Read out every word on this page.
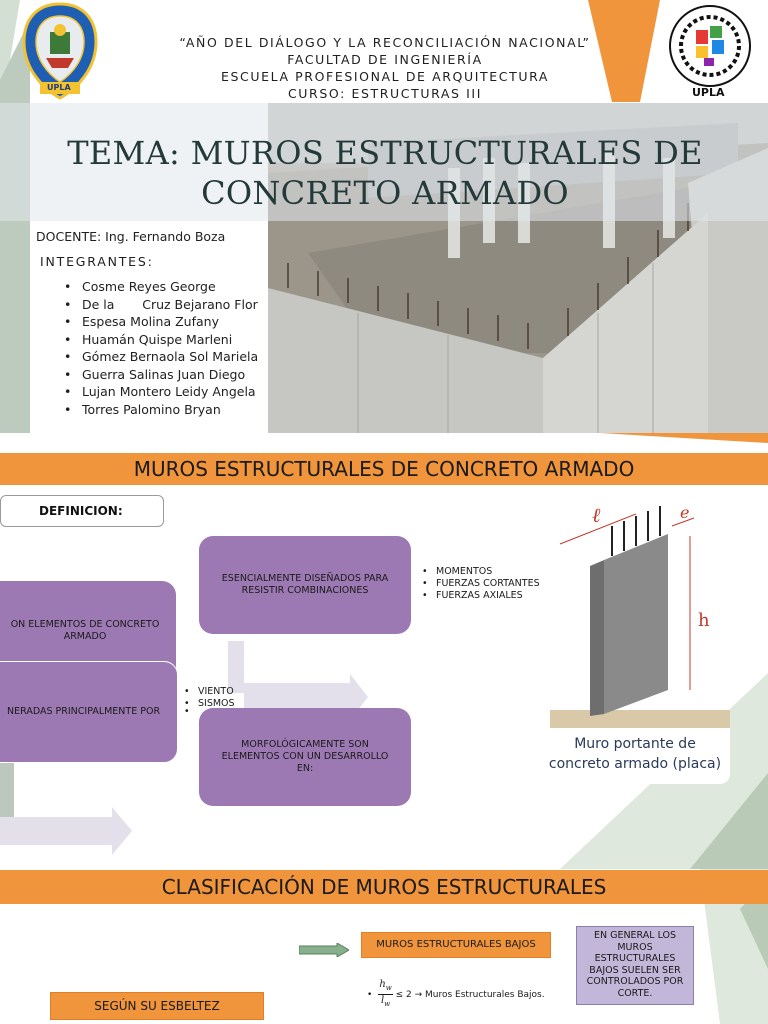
TEMA: MUROS ESTRUCTURALES DE
CONCRETO ARMADO
“AÑO DEL DIÁLOGO Y LA RECONCILIACIÓN NACIONAL”
FACULTAD DE INGENIERÍA
ESCUELA PROFESIONAL DE ARQUITECTURA
CURSO: ESTRUCTURAS III
UPLA	UPLA
DOCENTE: Ing. Fernando Boza
INTEGRANTES:
• Cosme Reyes George
• De la       Cruz Bejarano Flor
• Espesa Molina Zufany
• Huamán Quispe Marleni
• Gómez Bernaola Sol Mariela
• Guerra Salinas Juan Diego
• Lujan Montero Leidy Angela
• Torres Palomino Bryan
MUROS ESTRUCTURALES DE CONCRETO ARMADO
DEFINICION:
ESENCIALMENTE DISEÑADOS PARA RESISTIR COMBINACIONES
• MOMENTOS
• FUERZAS CORTANTES
• FUERZAS AXIALES
ON ELEMENTOS DE CONCRETO ARMADO
NERADAS PRINCIPALMENTE POR
• VIENTO
• SISMOS
•
MORFOLÓGICAMENTE SON ELEMENTOS CON UN DESARROLLO EN:
ℓ	e
h
Muro portante de
concreto armado (placa)
CLASIFICACIÓN DE MUROS ESTRUCTURALES
MUROS ESTRUCTURALES BAJOS
EN GENERAL LOS
MUROS
ESTRUCTURALES
BAJOS SUELEN SER
CONTROLADOS POR
CORTE.
• $\frac{h_w}{l_w} \le 2$ → Muros Estructurales Bajos.
SEGÚN SU ESBELTEZ
